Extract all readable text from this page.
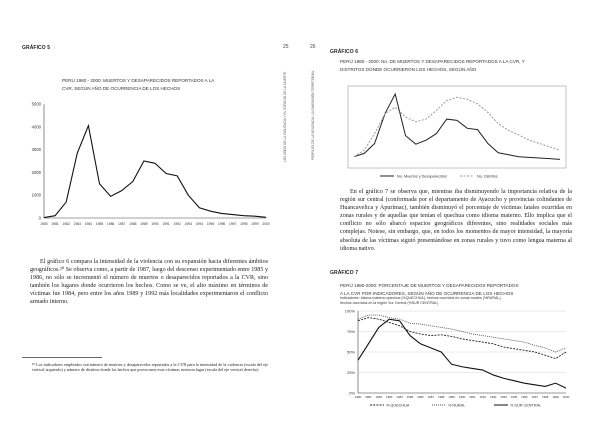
GRÁFICO 5
PERÚ 1980 - 2000: MUERTOS Y DESAPARECIDOS REPORTADOS A LA
CVR, SEGÚN AÑO DE OCURRENCIA DE LOS HECHOS
0
1000
2000
3000
4000
5000
1980 1981 1982 1983 1984 1985 1986 1987 1988 1989 1990 1991 1992 1993 1994 1995 1996 1997 1998 1999 2000

El gráfico 6 compara la intensidad de la violencia con su expansión hacia diferentes ámbitos geográficos.²⁰ Se observa como, a partir de 1987, luego del descenso experimentado entre 1985 y 1986, no sólo se incrementó el número de muertos o desaparecidos reportados a la CVR, sino también los lugares donde ocurrieron los hechos. Como se ve, el alto máximo en términos de víctimas fue 1984, pero entre los años 1989 y 1992 más localidades experimentaron el conflicto armado interno.

²⁰ Los indicadores empleados son número de muertos y desaparecidos reportados a la CVR para la intensidad de la violencia (escala del eje vertical izquierdo) y número de distritos donde los hechos que provocaron esas víctimas tuvieron lugar (escala del eje vertical derecho).
25
LOS AÑOS DE LA VIOLENCIA Y EL ESPACIO DE LA MUERTE
26
PERFILES DE LA VIOLENCIA: LA DIMENSIÓN TERRITORIAL
GRÁFICO 6
PERÚ 1980 - 2000: No. DE MUERTOS Y DESAPARECIDOS REPORTADOS A LA CVR, Y
DISTRITOS DONDE OCURRIERON LOS HECHOS, SEGÚN AÑO
No. Muertos y Desaparecidos	No. Distritos

En el gráfico 7 se observa que, mientras iba disminuyendo la importancia relativa de la región sur central (conformada por el departamento de Ayacucho y provincias colindantes de Huancavelica y Apurímac), también disminuyó el porcentaje de víctimas fatales ocurridas en zonas rurales y de aquellas que tenían el quechua como idioma materno. Ello implica que el conflicto no sólo abarcó espacios geográficos diferentes, sino realidades sociales más complejas. Notese, sin embargo, que, en todos los momentos de mayor intensidad, la mayoría absoluta de las víctimas siguió presentándose en zonas rurales y tuvo como lengua materna al idioma nativo.

GRÁFICO 7
PERÚ 1980-2000: PORCENTAJE DE MUERTOS Y DESAPARECIDOS REPORTADOS
A LA CVR POR INDICADORES, SEGÚN AÑO DE OCURRENCIA DE LOS HECHOS
Indicadores: Idioma materno quechua (%QUECHUA), hechos ocurridos en zonas rurales (%RURAL),
hechos ocurridos en la región Sur Central (%SUR CENTRAL)
0%
25%
50%
75%
100%
1980 1981 1982 1983 1984 1985 1986 1987 1988 1989 1990 1991 1992 1993 1994 1995 1996 1997 1998 1999 2000
% QUECHUA	% RURAL	% SUR CENTRAL
